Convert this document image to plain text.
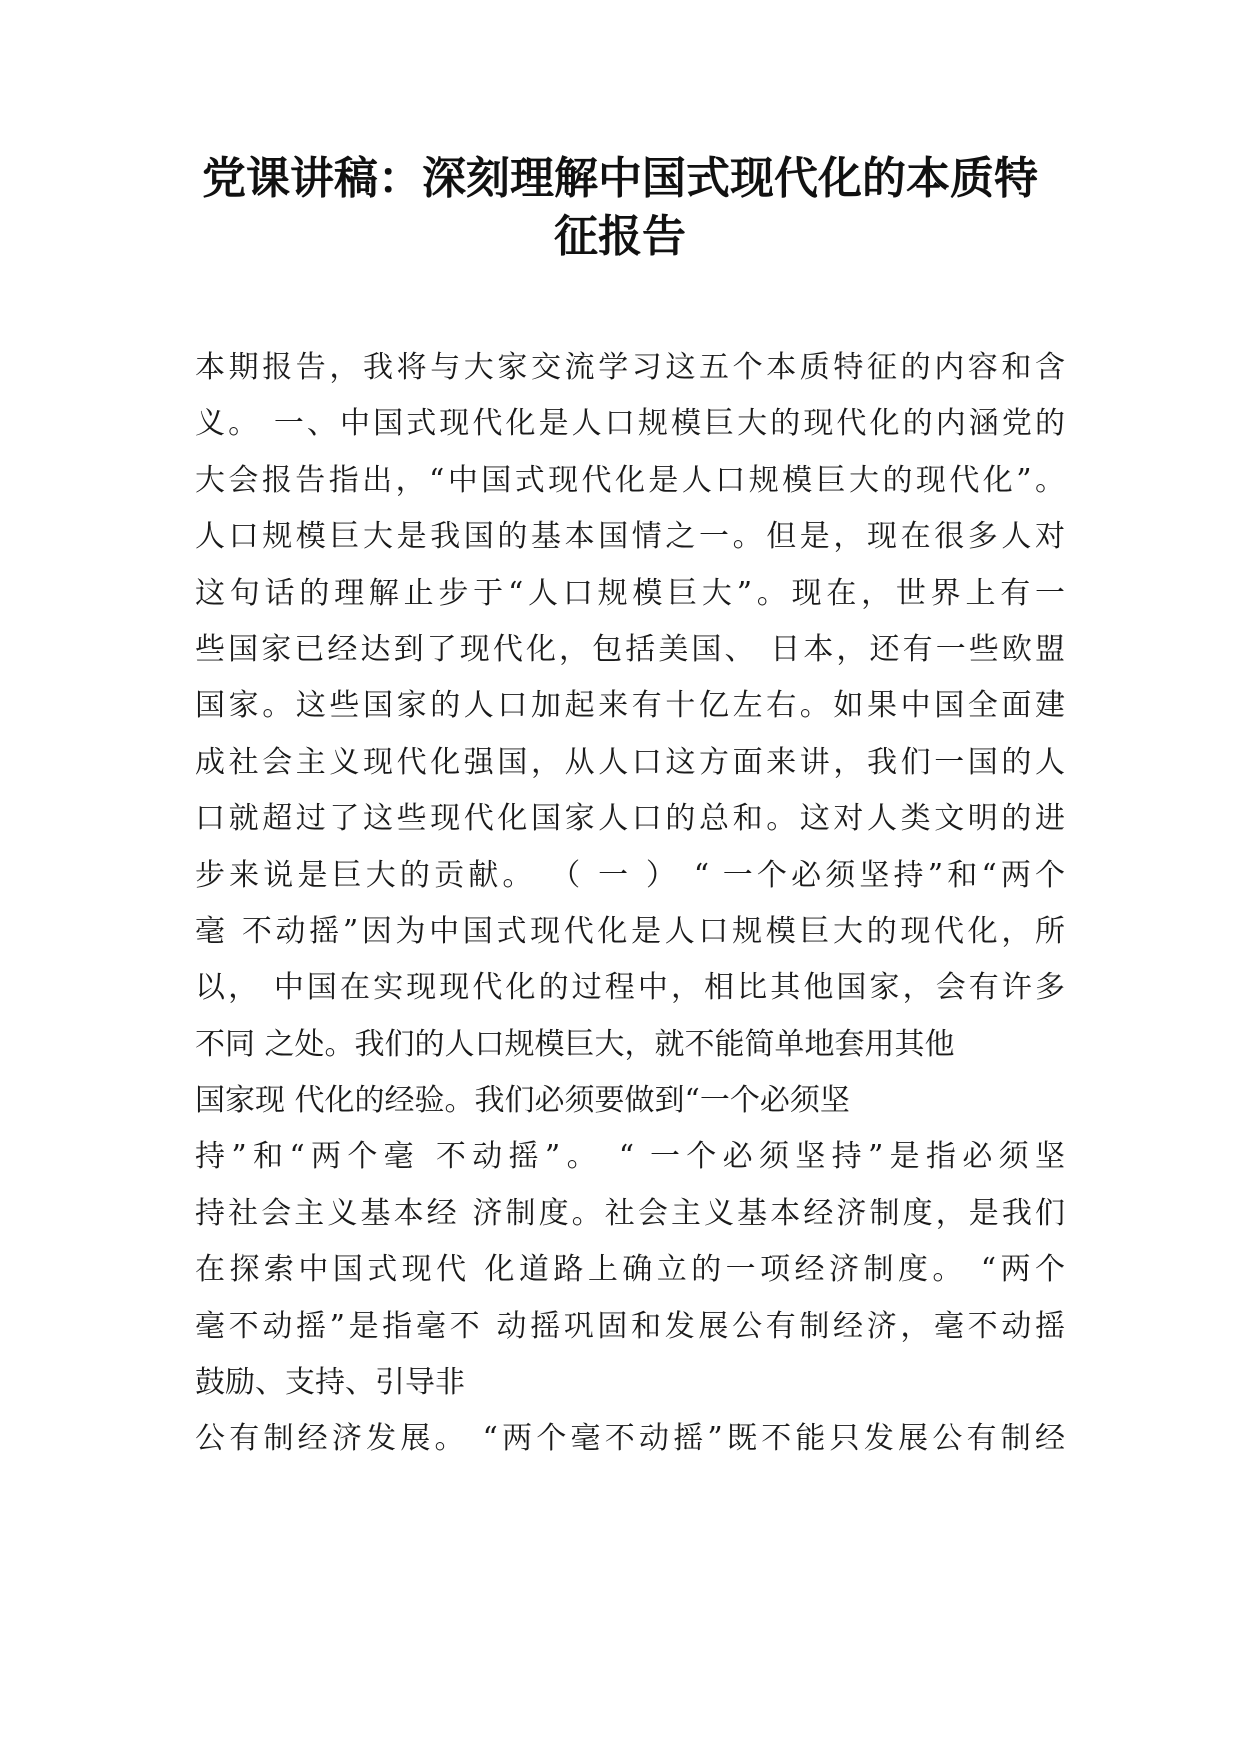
党课讲稿：深刻理解中国式现代化的本质特
征报告
本期报告，我将与大家交流学习这五个本质特征的内容和含
义。 一、中国式现代化是人口规模巨大的现代化的内涵党的
大会报告指出，“中国式现代化是人口规模巨大的现代化”。
人口规模巨大是我国的基本国情之一。但是，现在很多人对
这句话的理解止步于“人口规模巨大”。现在，世界上有一
些国家已经达到了现代化，包括美国、 日本，还有一些欧盟
国家。这些国家的人口加起来有十亿左右。如果中国全面建
成社会主义现代化强国，从人口这方面来讲，我们一国的人
口就超过了这些现代化国家人口的总和。这对人类文明的进
步来说是巨大的贡献。 （ 一 ） “ 一个必须坚持”和“两个
毫 不动摇”因为中国式现代化是人口规模巨大的现代化，所
以， 中国在实现现代化的过程中，相比其他国家，会有许多
不同 之处。我们的人口规模巨大，就不能简单地套用其他
国家现 代化的经验。我们必须要做到“一个必须坚
持”和“两个毫 不动摇”。 “ 一个必须坚持”是指必须坚
持社会主义基本经 济制度。社会主义基本经济制度，是我们
在探索中国式现代 化道路上确立的一项经济制度。 “两个
毫不动摇”是指毫不 动摇巩固和发展公有制经济，毫不动摇
鼓励、支持、引导非
公有制经济发展。 “两个毫不动摇”既不能只发展公有制经
